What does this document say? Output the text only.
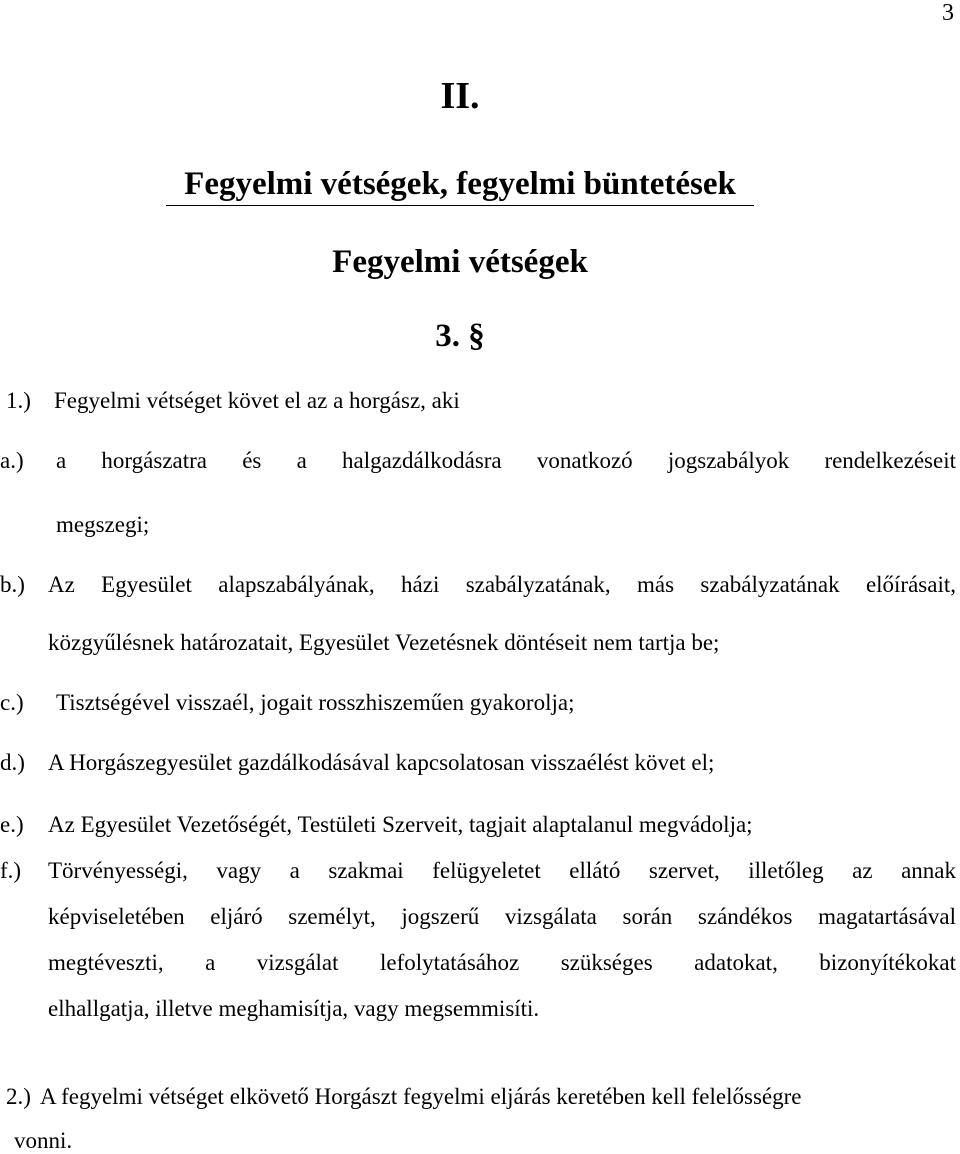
3
II.
Fegyelmi vétségek, fegyelmi büntetések
Fegyelmi vétségek
3. §
1.) Fegyelmi vétséget követ el az a horgász, aki
a.) a horgászatra és a halgazdálkodásra vonatkozó jogszabályok rendelkezéseit
megszegi;
b.) Az Egyesület alapszabályának, házi szabályzatának, más szabályzatának előírásait,
közgyűlésnek határozatait, Egyesület Vezetésnek döntéseit nem tartja be;
c.) Tisztségével visszaél, jogait rosszhiszeműen gyakorolja;
d.) A Horgászegyesület gazdálkodásával kapcsolatosan visszaélést követ el;
e.) Az Egyesület Vezetőségét, Testületi Szerveit, tagjait alaptalanul megvádolja;
f.) Törvényességi, vagy a szakmai felügyeletet ellátó szervet, illetőleg az annak
képviseletében eljáró személyt, jogszerű vizsgálata során szándékos magatartásával
megtéveszti, a vizsgálat lefolytatásához szükséges adatokat, bizonyítékokat
elhallgatja, illetve meghamisítja, vagy megsemmisíti.
2.) A fegyelmi vétséget elkövető Horgászt fegyelmi eljárás keretében kell felelősségre
vonni.
